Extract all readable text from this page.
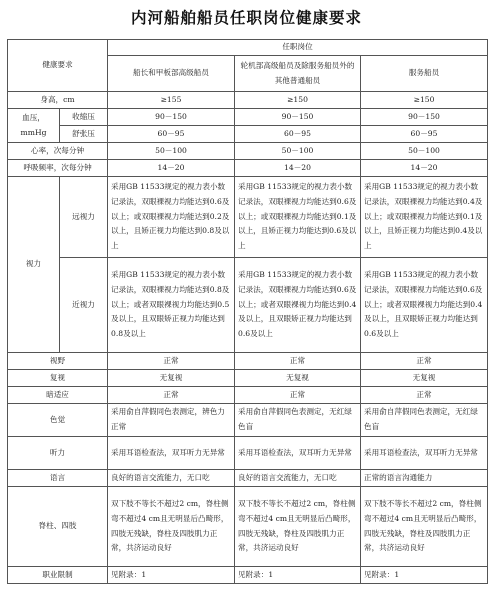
内河船舶船员任职岗位健康要求
健康要求		任职岗位		
		船长和甲板部高级船员	轮机部高级船员及除服务船员外的其他普通船员	服务船员
身高，cm		≥155	≥150	≥150
血压，mmHg	收缩压	90－150	90－150	90－150
	舒张压	60－95	60－95	60－95
心率，次每分钟		50－100	50－100	50－100
呼吸频率，次每分钟		14－20	14－20	14－20
视力	远视力	采用GB 11533规定的视力表小数记录法，双眼裸视力均能达到0.6及以上；或双眼裸视力均能达到0.2及以上，且矫正视力均能达到0.8及以上	采用GB 11533规定的视力表小数记录法，双眼裸视力均能达到0.6及以上；或双眼裸视力均能达到0.1及以上，且矫正视力均能达到0.6及以上	采用GB 11533规定的视力表小数记录法，双眼裸视力均能达到0.4及以上；或双眼裸视力均能达到0.1及以上，且矫正视力均能达到0.4及以上
	近视力	采用GB 11533规定的视力表小数记录法，双眼裸视力均能达到0.8及以上；或者双眼裸视力均能达到0.5及以上，且双眼矫正视力均能达到0.8及以上	采用GB 11533规定的视力表小数记录法，双眼裸视力均能达到0.6及以上；或者双眼裸视力均能达到0.4及以上，且双眼矫正视力均能达到0.6及以上	采用GB 11533规定的视力表小数记录法，双眼裸视力均能达到0.6及以上；或者双眼裸视力均能达到0.4及以上，且双眼矫正视力均能达到0.6及以上
视野		正常	正常	正常
复视		无复视	无复视	无复视
暗适应		正常	正常	正常
色觉		采用俞自萍假同色表测定，辨色力正常	采用俞自萍假同色表测定，无红绿色盲	采用俞自萍假同色表测定，无红绿色盲
听力		采用耳语检查法，双耳听力无异常	采用耳语检查法，双耳听力无异常	采用耳语检查法，双耳听力无异常
语言		良好的语言交流能力，无口吃	良好的语言交流能力，无口吃	正常的语言沟通能力
脊柱、四肢		双下肢不等长不超过2 cm，脊柱侧弯不超过4 cm且无明显后凸畸形，四肢无残缺，脊柱及四肢肌力正常，共济运动良好	双下肢不等长不超过2 cm，脊柱侧弯不超过4 cm且无明显后凸畸形，四肢无残缺，脊柱及四肢肌力正常，共济运动良好	双下肢不等长不超过2 cm，脊柱侧弯不超过4 cm且无明显后凸畸形，四肢无残缺，脊柱及四肢肌力正常，共济运动良好
职业限制		见附录：1	见附录：1	见附录：1
